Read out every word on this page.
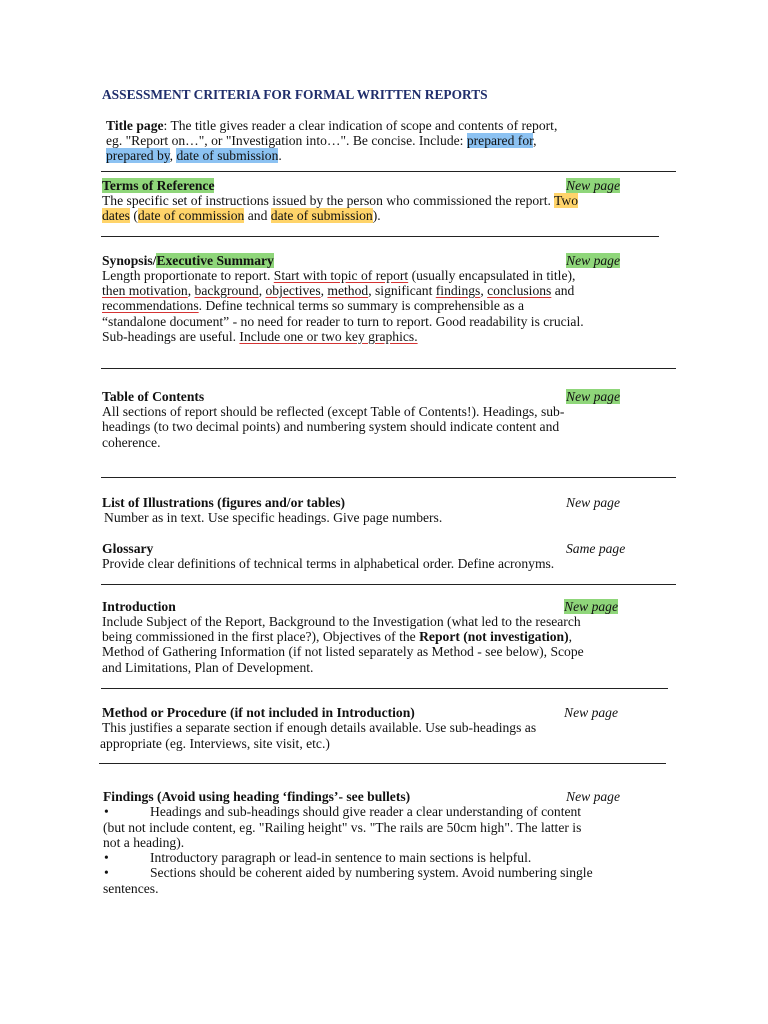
ASSESSMENT CRITERIA FOR FORMAL WRITTEN REPORTS
Title page: The title gives reader a clear indication of scope and contents of report,
eg. "Report on…", or "Investigation into…". Be concise. Include: prepared for,
prepared by, date of submission.
Terms of Reference	New page
The specific set of instructions issued by the person who commissioned the report. Two
dates (date of commission and date of submission).
Synopsis/Executive Summary	New page
Length proportionate to report. Start with topic of report (usually encapsulated in title),
then motivation, background, objectives, method, significant findings, conclusions and
recommendations. Define technical terms so summary is comprehensible as a
“standalone document” - no need for reader to turn to report. Good readability is crucial.
Sub-headings are useful. Include one or two key graphics.
Table of Contents	New page
All sections of report should be reflected (except Table of Contents!). Headings, sub-
headings (to two decimal points) and numbering system should indicate content and
coherence.
List of Illustrations (figures and/or tables)	New page
Number as in text. Use specific headings. Give page numbers.
Glossary	Same page
Provide clear definitions of technical terms in alphabetical order. Define acronyms.
Introduction	New page
Include Subject of the Report, Background to the Investigation (what led to the research
being commissioned in the first place?), Objectives of the Report (not investigation),
Method of Gathering Information (if not listed separately as Method - see below), Scope
and Limitations, Plan of Development.
Method or Procedure (if not included in Introduction)	New page
This justifies a separate section if enough details available. Use sub-headings as
appropriate (eg. Interviews, site visit, etc.)
Findings (Avoid using heading ‘findings’- see bullets)	New page
•	Headings and sub-headings should give reader a clear understanding of content
(but not include content, eg. "Railing height" vs. "The rails are 50cm high". The latter is
not a heading).
•	Introductory paragraph or lead-in sentence to main sections is helpful.
•	Sections should be coherent aided by numbering system. Avoid numbering single
sentences.
